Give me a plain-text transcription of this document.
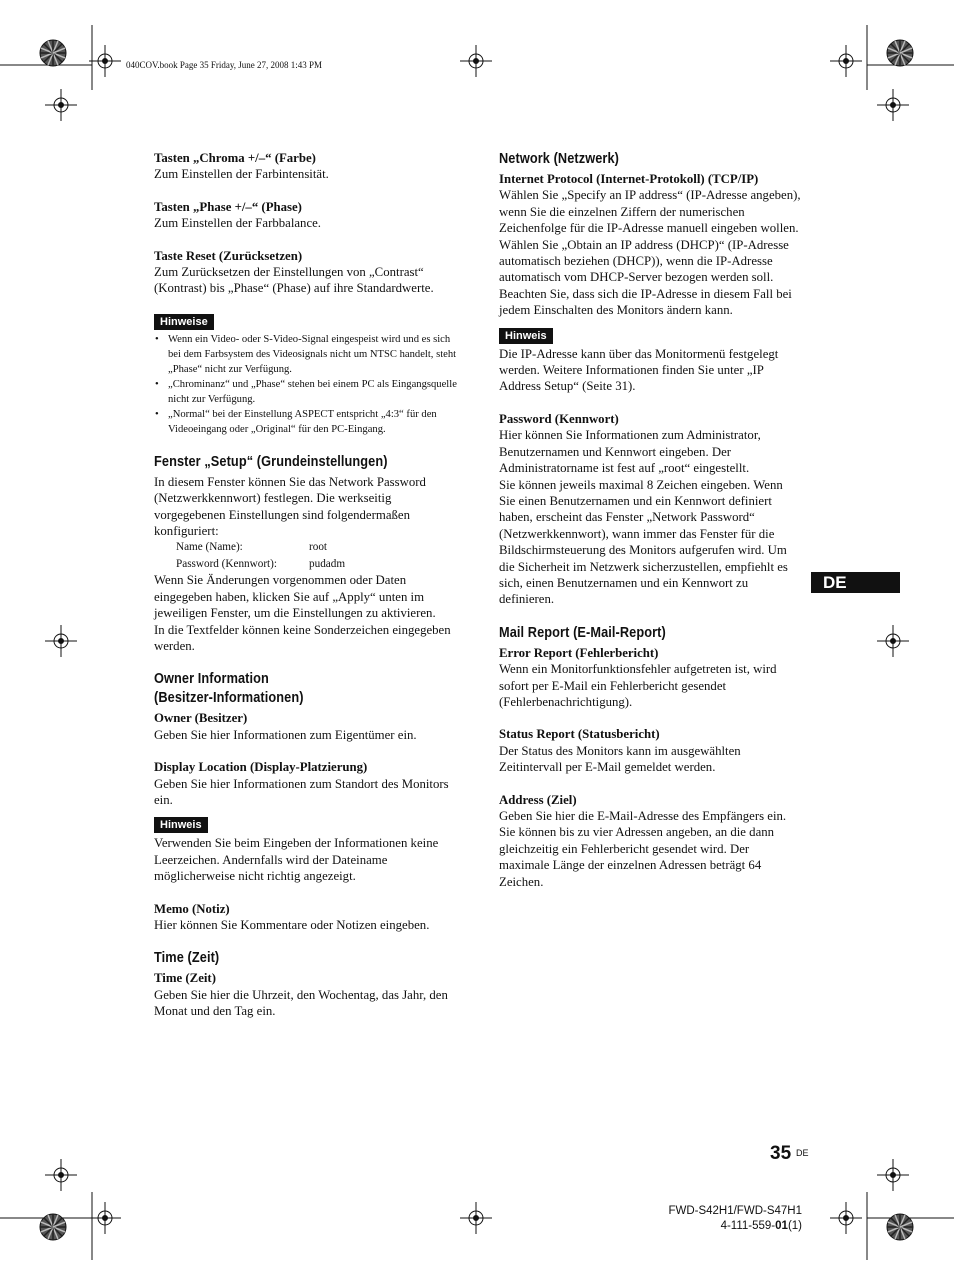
040COV.book Page 35 Friday, June 27, 2008 1:43 PM

Tasten „Chroma +/–“ (Farbe)

Zum Einstellen der Farbintensität.

Tasten „Phase +/–“ (Phase)

Zum Einstellen der Farbbalance.

Taste Reset (Zurücksetzen)

Zum Zurücksetzen der Einstellungen von „Contrast“ (Kontrast) bis „Phase“ (Phase) auf ihre Standardwerte.

Hinweise
• Wenn ein Video- oder S-Video-Signal eingespeist wird und es sich bei dem Farbsystem des Videosignals nicht um NTSC handelt, steht „Phase“ nicht zur Verfügung.
• „Chrominanz“ und „Phase“ stehen bei einem PC als Eingangsquelle nicht zur Verfügung.
• „Normal“ bei der Einstellung ASPECT entspricht „4:3“ für den Videoeingang oder „Original“ für den PC-Eingang.
Fenster „Setup“ (Grundeinstellungen)

In diesem Fenster können Sie das Network Password (Netzwerkkennwort) festlegen. Die werkseitig vorgegebenen Einstellungen sind folgendermaßen konfiguriert:

Name (Name):	root
Password (Kennwort):	pudadm

Wenn Sie Änderungen vorgenommen oder Daten eingegeben haben, klicken Sie auf „Apply“ unten im jeweiligen Fenster, um die Einstellungen zu aktivieren.

In die Textfelder können keine Sonderzeichen eingegeben werden.

Owner Information
(Besitzer-Informationen)

Owner (Besitzer)

Geben Sie hier Informationen zum Eigentümer ein.

Display Location (Display-Platzierung)

Geben Sie hier Informationen zum Standort des Monitors ein.

Hinweis

Verwenden Sie beim Eingeben der Informationen keine Leerzeichen. Andernfalls wird der Dateiname möglicherweise nicht richtig angezeigt.

Memo (Notiz)

Hier können Sie Kommentare oder Notizen eingeben.

Time (Zeit)

Time (Zeit)

Geben Sie hier die Uhrzeit, den Wochentag, das Jahr, den Monat und den Tag ein.

Network (Netzwerk)

Internet Protocol (Internet-Protokoll) (TCP/IP)

Wählen Sie „Specify an IP address“ (IP-Adresse angeben), wenn Sie die einzelnen Ziffern der numerischen Zeichenfolge für die IP-Adresse manuell eingeben wollen.

Wählen Sie „Obtain an IP address (DHCP)“ (IP-Adresse automatisch beziehen (DHCP)), wenn die IP-Adresse automatisch vom DHCP-Server bezogen werden soll. Beachten Sie, dass sich die IP-Adresse in diesem Fall bei jedem Einschalten des Monitors ändern kann.

Hinweis

Die IP-Adresse kann über das Monitormenü festgelegt werden. Weitere Informationen finden Sie unter „IP Address Setup“ (Seite 31).

Password (Kennwort)

Hier können Sie Informationen zum Administrator, Benutzernamen und Kennwort eingeben. Der Administratorname ist fest auf „root“ eingestellt.

Sie können jeweils maximal 8 Zeichen eingeben. Wenn Sie einen Benutzernamen und ein Kennwort definiert haben, erscheint das Fenster „Network Password“ (Netzwerkkennwort), wann immer das Fenster für die Bildschirmsteuerung des Monitors aufgerufen wird. Um die Sicherheit im Netzwerk sicherzustellen, empfiehlt es sich, einen Benutzernamen und ein Kennwort zu definieren.

Mail Report (E-Mail-Report)

Error Report (Fehlerbericht)

Wenn ein Monitorfunktionsfehler aufgetreten ist, wird sofort per E-Mail ein Fehlerbericht gesendet (Fehlerbenachrichtigung).

Status Report (Statusbericht)

Der Status des Monitors kann im ausgewählten Zeitintervall per E-Mail gemeldet werden.

Address (Ziel)

Geben Sie hier die E-Mail-Adresse des Empfängers ein. Sie können bis zu vier Adressen angeben, an die dann gleichzeitig ein Fehlerbericht gesendet wird. Der maximale Länge der einzelnen Adressen beträgt 64 Zeichen.

DE
35 DE
FWD-S42H1/FWD-S47H1
4-111-559-01(1)
